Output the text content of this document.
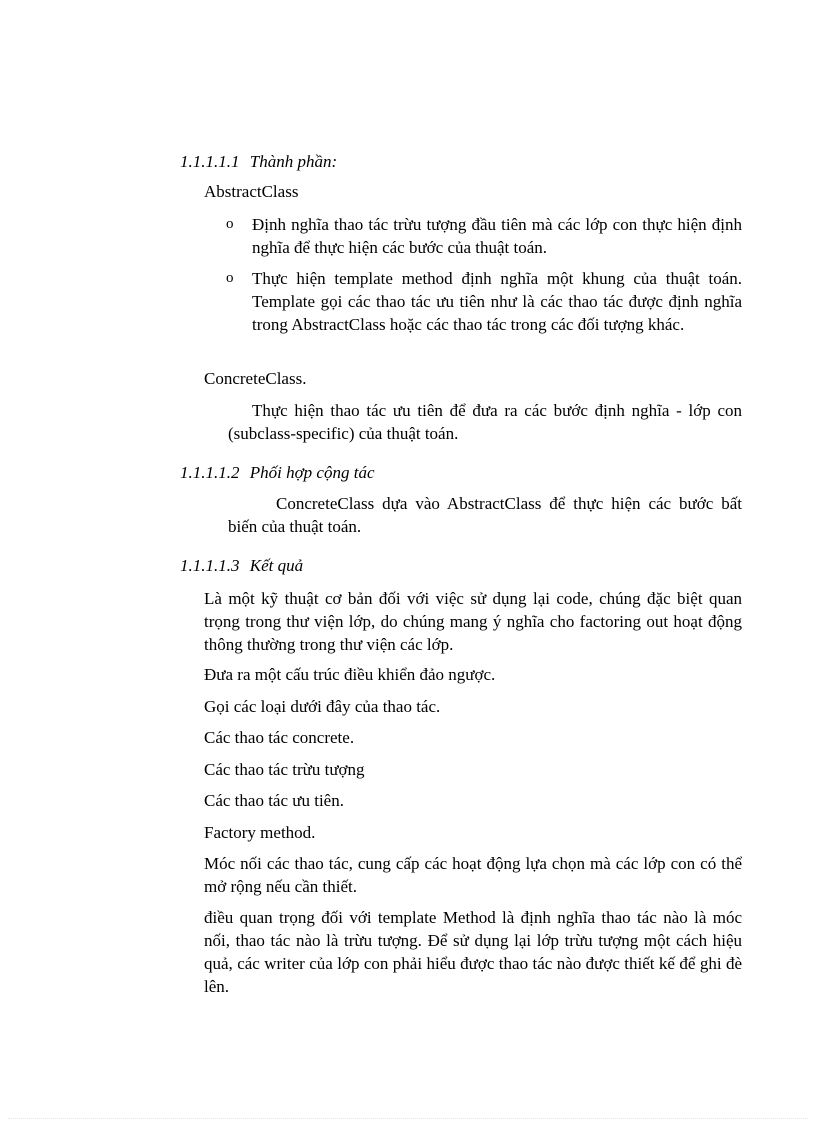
1.1.1.1.1 Thành phần:
AbstractClass
o Định nghĩa thao tác trừu tượng đầu tiên mà các lớp con thực hiện định nghĩa để thực hiện các bước của thuật toán.
o Thực hiện template method định nghĩa một khung của thuật toán. Template gọi các thao tác ưu tiên như là các thao tác được định nghĩa trong AbstractClass hoặc các thao tác trong các đối tượng khác.
ConcreteClass.
Thực hiện thao tác ưu tiên để đưa ra các bước định nghĩa - lớp con (subclass-specific) của thuật toán.
1.1.1.1.2 Phối hợp cộng tác
ConcreteClass dựa vào AbstractClass để thực hiện các bước bất biến của thuật toán.
1.1.1.1.3 Kết quả
Là một kỹ thuật cơ bản đối với việc sử dụng lại code, chúng đặc biệt quan trọng trong thư viện lớp, do chúng mang ý nghĩa cho factoring out hoạt động thông thường trong thư viện các lớp.
Đưa ra một cấu trúc điều khiển đảo ngược.
Gọi các loại dưới đây của thao tác.
Các thao tác concrete.
Các thao tác trừu tượng
Các thao tác ưu tiên.
Factory method.
Móc nối các thao tác, cung cấp các hoạt động lựa chọn mà các lớp con có thể mở rộng nếu cần thiết.
điều quan trọng đối với template Method là định nghĩa thao tác nào là móc nối, thao tác nào là trừu tượng. Để sử dụng lại lớp trừu tượng một cách hiệu quả, các writer của lớp con phải hiểu được thao tác nào được thiết kế để ghi đè lên.
